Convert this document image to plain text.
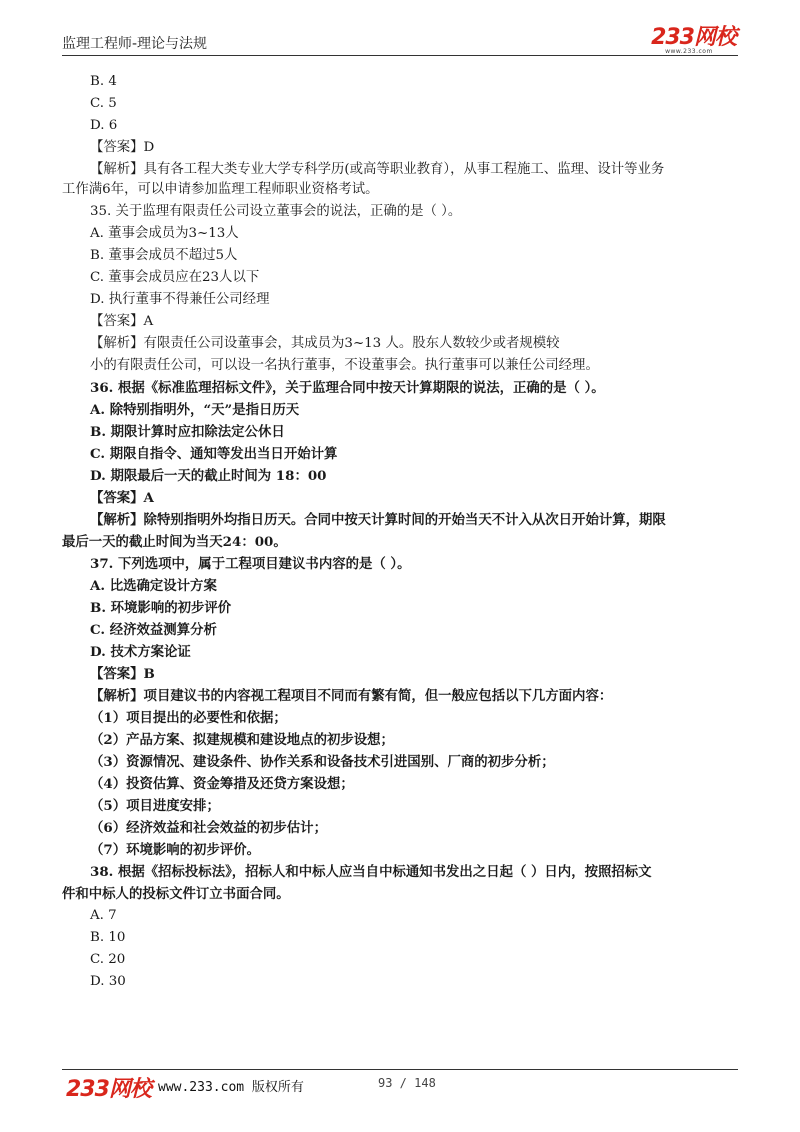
监理工程师-理论与法规	233网校
www.233.com
B. 4
C. 5
D. 6
【答案】D
【解析】具有各工程大类专业大学专科学历(或高等职业教育），从事工程施工、监理、设计等业务
工作满6年，可以申请参加监理工程师职业资格考试。
35. 关于监理有限责任公司设立董事会的说法，正确的是（ ）。
A. 董事会成员为3~13人
B. 董事会成员不超过5人
C. 董事会成员应在23人以下
D. 执行董事不得兼任公司经理
【答案】A
【解析】有限责任公司设董事会，其成员为3~13 人。股东人数较少或者规模较
小的有限责任公司，可以设一名执行董事，不设董事会。执行董事可以兼任公司经理。
36. 根据《标准监理招标文件》，关于监理合同中按天计算期限的说法，正确的是（ ）。
A. 除特别指明外，“天”是指日历天
B. 期限计算时应扣除法定公休日
C. 期限自指令、通知等发出当日开始计算
D. 期限最后一天的截止时间为 18：00
【答案】A
【解析】除特别指明外均指日历天。合同中按天计算时间的开始当天不计入从次日开始计算，期限
最后一天的截止时间为当天24：00。
37. 下列选项中，属于工程项目建议书内容的是（ ）。
A. 比选确定设计方案
B. 环境影响的初步评价
C. 经济效益测算分析
D. 技术方案论证
【答案】B
【解析】项目建议书的内容视工程项目不同而有繁有简，但一般应包括以下几方面内容：
（1）项目提出的必要性和依据；
（2）产品方案、拟建规模和建设地点的初步设想；
（3）资源情况、建设条件、协作关系和设备技术引进国别、厂商的初步分析；
（4）投资估算、资金筹措及还贷方案设想；
（5）项目进度安排；
（6）经济效益和社会效益的初步估计；
（7）环境影响的初步评价。
38. 根据《招标投标法》，招标人和中标人应当自中标通知书发出之日起（ ）日内，按照招标文
件和中标人的投标文件订立书面合同。
A. 7
B. 10
C. 20
D. 30
233网校 www.233.com 版权所有	93 / 148
